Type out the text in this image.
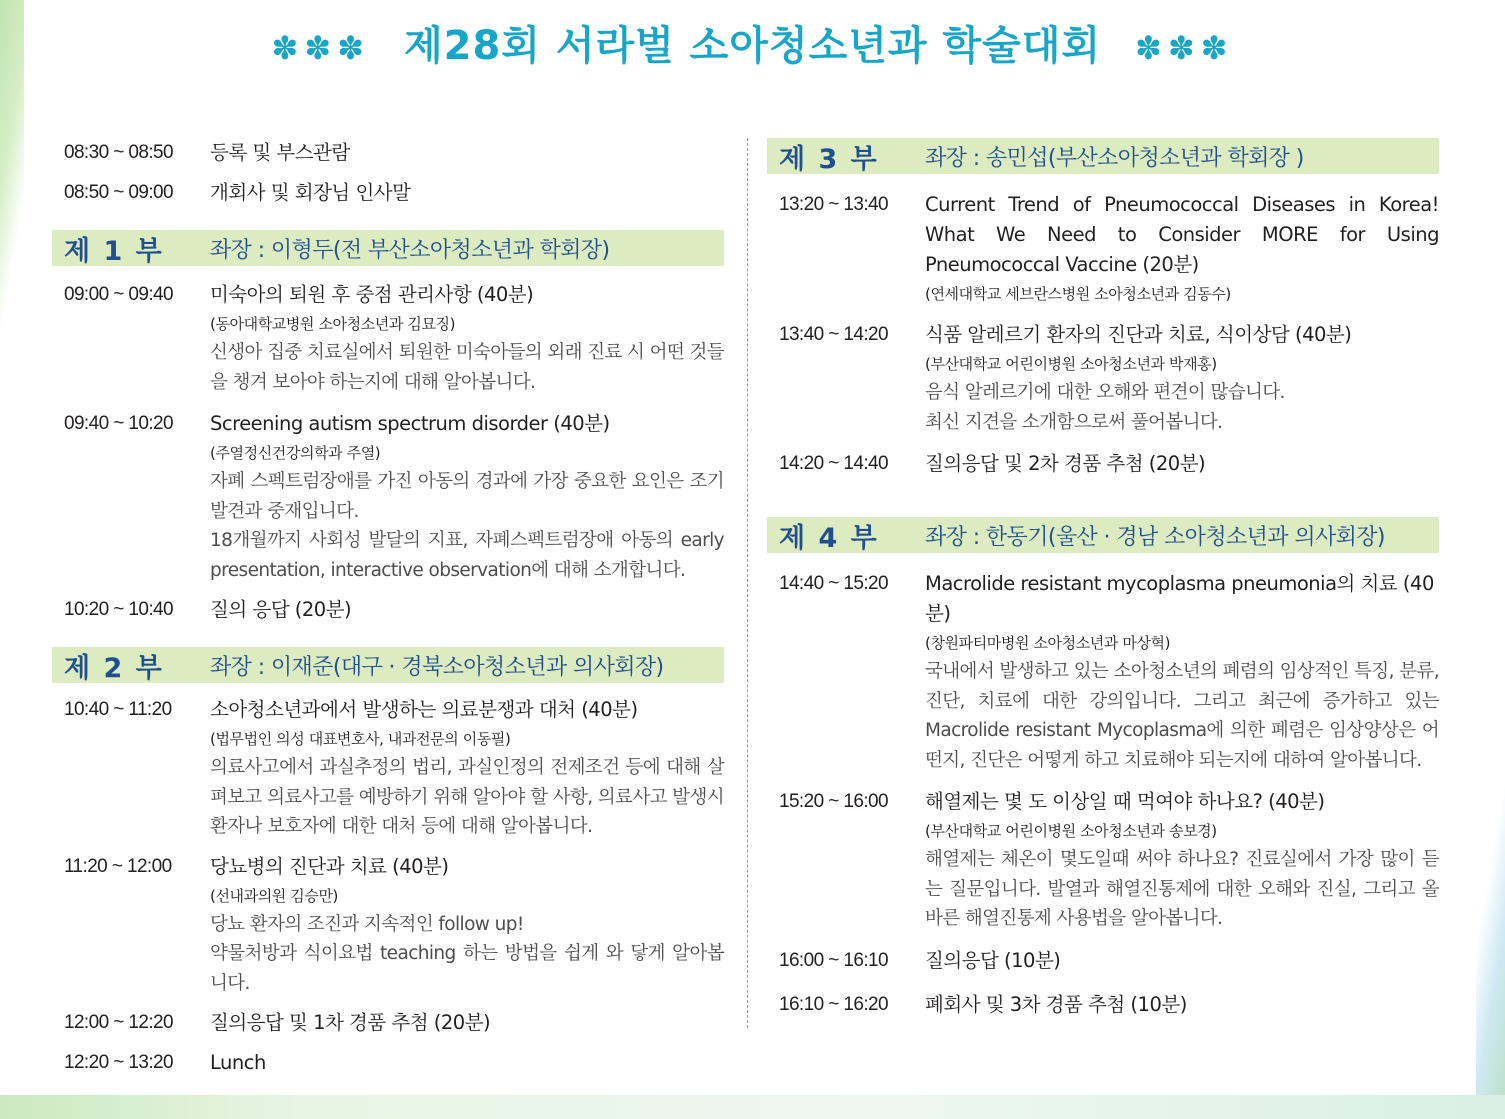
✽✽✽ 제28회 서라벌 소아청소년과 학술대회 ✽✽✽
08:30 ~ 08:50	등록 및 부스관람
08:50 ~ 09:00	개회사 및 회장님 인사말
제 1 부	좌장 : 이형두(전 부산소아청소년과 학회장)
09:00 ~ 09:40	미숙아의 퇴원 후 중점 관리사항 (40분)
(동아대학교병원 소아청소년과 김묘징)
신생아 집중 치료실에서 퇴원한 미숙아들의 외래 진료 시 어떤 것들을 챙겨 보아야 하는지에 대해 알아봅니다.
09:40 ~ 10:20	Screening autism spectrum disorder (40분)
(주열정신건강의학과 주열)
자폐 스펙트럼장애를 가진 아동의 경과에 가장 중요한 요인은 조기 발견과 중재입니다.
18개월까지 사회성 발달의 지표, 자폐스펙트럼장애 아동의 early presentation, interactive observation에 대해 소개합니다.
10:20 ~ 10:40	질의 응답 (20분)
제 2 부	좌장 : 이재준(대구 · 경북소아청소년과 의사회장)
10:40 ~ 11:20	소아청소년과에서 발생하는 의료분쟁과 대처 (40분)
(법무법인 의성 대표변호사, 내과전문의 이동필)
의료사고에서 과실추정의 법리, 과실인정의 전제조건 등에 대해 살펴보고 의료사고를 예방하기 위해 알아야 할 사항, 의료사고 발생시 환자나 보호자에 대한 대처 등에 대해 알아봅니다.
11:20 ~ 12:00	당뇨병의 진단과 치료 (40분)
(선내과의원 김승만)
당뇨 환자의 조진과 지속적인 follow up!
약물처방과 식이요법 teaching 하는 방법을 쉽게 와 닿게 알아봅니다.
12:00 ~ 12:20	질의응답 및 1차 경품 추첨 (20분)
12:20 ~ 13:20	Lunch
제 3 부	좌장 : 송민섭(부산소아청소년과 학회장 )
13:20 ~ 13:40	Current Trend of Pneumococcal Diseases in Korea! What We Need to Consider MORE for Using Pneumococcal Vaccine (20분)
(연세대학교 세브란스병원 소아청소년과 김동수)
13:40 ~ 14:20	식품 알레르기 환자의 진단과 치료, 식이상담 (40분)
(부산대학교 어린이병원 소아청소년과 박재홍)
음식 알레르기에 대한 오해와 편견이 많습니다.
최신 지견을 소개함으로써 풀어봅니다.
14:20 ~ 14:40	질의응답 및 2차 경품 추첨 (20분)
제 4 부	좌장 : 한동기(울산 · 경남 소아청소년과 의사회장)
14:40 ~ 15:20	Macrolide resistant mycoplasma pneumonia의 치료 (40분)
(창원파티마병원 소아청소년과 마상혁)
국내에서 발생하고 있는 소아청소년의 폐렴의 임상적인 특징, 분류, 진단, 치료에 대한 강의입니다. 그리고 최근에 증가하고 있는 Macrolide resistant Mycoplasma에 의한 폐렴은 임상양상은 어떤지, 진단은 어떻게 하고 치료해야 되는지에 대하여 알아봅니다.
15:20 ~ 16:00	해열제는 몇 도 이상일 때 먹여야 하나요? (40분)
(부산대학교 어린이병원 소아청소년과 송보경)
해열제는 체온이 몇도일때 써야 하나요? 진료실에서 가장 많이 듣는 질문입니다. 발열과 해열진통제에 대한 오해와 진실, 그리고 올바른 해열진통제 사용법을 알아봅니다.
16:00 ~ 16:10	질의응답 (10분)
16:10 ~ 16:20	폐회사 및 3차 경품 추첨 (10분)
